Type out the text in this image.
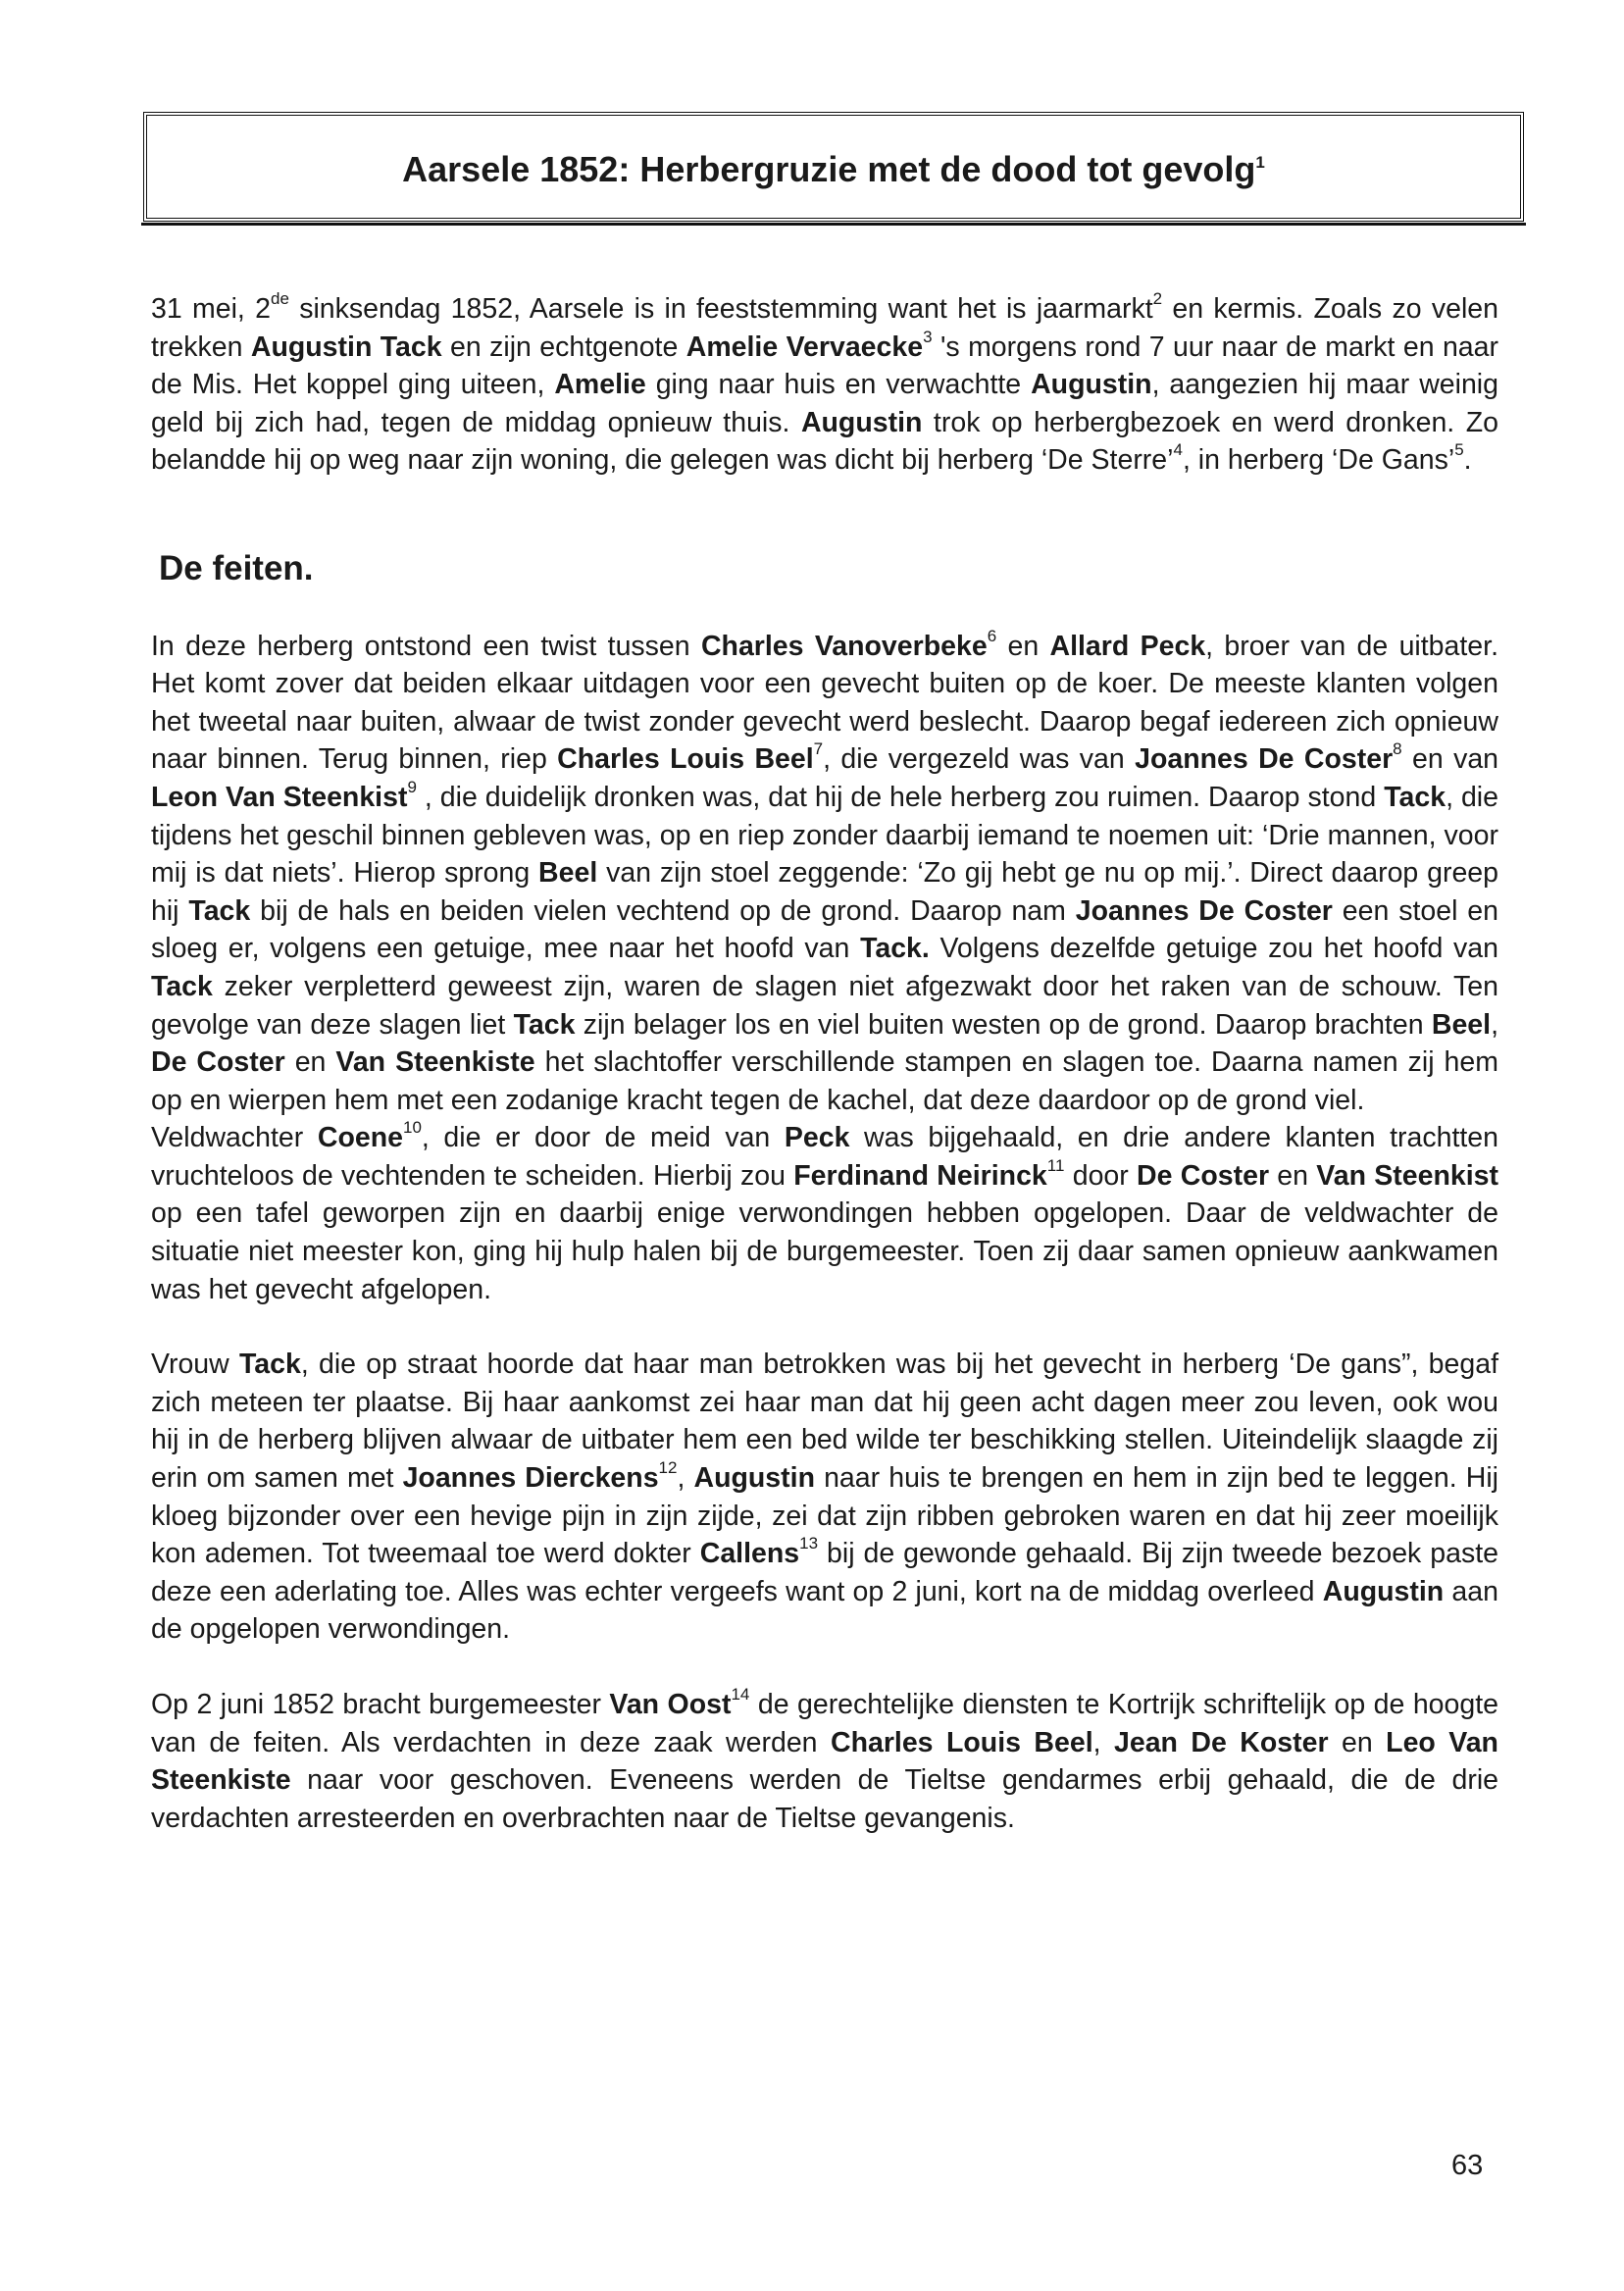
Aarsele 1852: Herbergruzie met de dood tot gevolg$^1$

31 mei, 2de sinksendag 1852, Aarsele is in feeststemming want het is jaarmarkt$^2$ en kermis. Zoals zo velen trekken Augustin Tack en zijn echtgenote Amelie Vervaecke$^3$ 's morgens rond 7 uur naar de markt en naar de Mis. Het koppel ging uiteen, Amelie ging naar huis en verwachtte Augustin, aangezien hij maar weinig geld bij zich had, tegen de middag opnieuw thuis. Augustin trok op herbergbezoek en werd dronken. Zo belandde hij op weg naar zijn woning, die gelegen was dicht bij herberg ‘De Sterre’$^4$, in herberg ‘De Gans’$^5$.

De feiten.

In deze herberg ontstond een twist tussen Charles Vanoverbeke$^6$ en Allard Peck, broer van de uitbater. Het komt zover dat beiden elkaar uitdagen voor een gevecht buiten op de koer. De meeste klanten volgen het tweetal naar buiten, alwaar de twist zonder gevecht werd beslecht. Daarop begaf iedereen zich opnieuw naar binnen. Terug binnen, riep Charles Louis Beel$^7$, die vergezeld was van Joannes De Coster$^8$ en van Leon Van Steenkist$^9$ , die duidelijk dronken was, dat hij de hele herberg zou ruimen. Daarop stond Tack, die tijdens het geschil binnen gebleven was, op en riep zonder daarbij iemand te noemen uit: ‘Drie mannen, voor mij is dat niets’. Hierop sprong Beel van zijn stoel zeggende: ‘Zo gij hebt ge nu op mij.’. Direct daarop greep hij Tack bij de hals en beiden vielen vechtend op de grond. Daarop nam Joannes De Coster een stoel en sloeg er, volgens een getuige, mee naar het hoofd van Tack. Volgens dezelfde getuige zou het hoofd van Tack zeker verpletterd geweest zijn, waren de slagen niet afgezwakt door het raken van de schouw. Ten gevolge van deze slagen liet Tack zijn belager los en viel buiten westen op de grond. Daarop brachten Beel, De Coster en Van Steenkiste het slachtoffer verschillende stampen en slagen toe. Daarna namen zij hem op en wierpen hem met een zodanige kracht tegen de kachel, dat deze daardoor op de grond viel.

Veldwachter Coene$^{10}$, die er door de meid van Peck was bijgehaald, en drie andere klanten trachtten vruchteloos de vechtenden te scheiden. Hierbij zou Ferdinand Neirinck$^{11}$ door De Coster en Van Steenkist op een tafel geworpen zijn en daarbij enige verwondingen hebben opgelopen. Daar de veldwachter de situatie niet meester kon, ging hij hulp halen bij de burgemeester. Toen zij daar samen opnieuw aankwamen was het gevecht afgelopen.

Vrouw Tack, die op straat hoorde dat haar man betrokken was bij het gevecht in herberg ‘De gans”, begaf zich meteen ter plaatse. Bij haar aankomst zei haar man dat hij geen acht dagen meer zou leven, ook wou hij in de herberg blijven alwaar de uitbater hem een bed wilde ter beschikking stellen. Uiteindelijk slaagde zij erin om samen met Joannes Dierckens$^{12}$, Augustin naar huis te brengen en hem in zijn bed te leggen. Hij kloeg bijzonder over een hevige pijn in zijn zijde, zei dat zijn ribben gebroken waren en dat hij zeer moeilijk kon ademen. Tot tweemaal toe werd dokter Callens$^{13}$ bij de gewonde gehaald. Bij zijn tweede bezoek paste deze een aderlating toe. Alles was echter vergeefs want op 2 juni, kort na de middag overleed Augustin aan de opgelopen verwondingen.

Op 2 juni 1852 bracht burgemeester Van Oost$^{14}$ de gerechtelijke diensten te Kortrijk schriftelijk op de hoogte van de feiten. Als verdachten in deze zaak werden Charles Louis Beel, Jean De Koster en Leo Van Steenkiste naar voor geschoven. Eveneens werden de Tieltse gendarmes erbij gehaald, die de drie verdachten arresteerden en overbrachten naar de Tieltse gevangenis.

63
